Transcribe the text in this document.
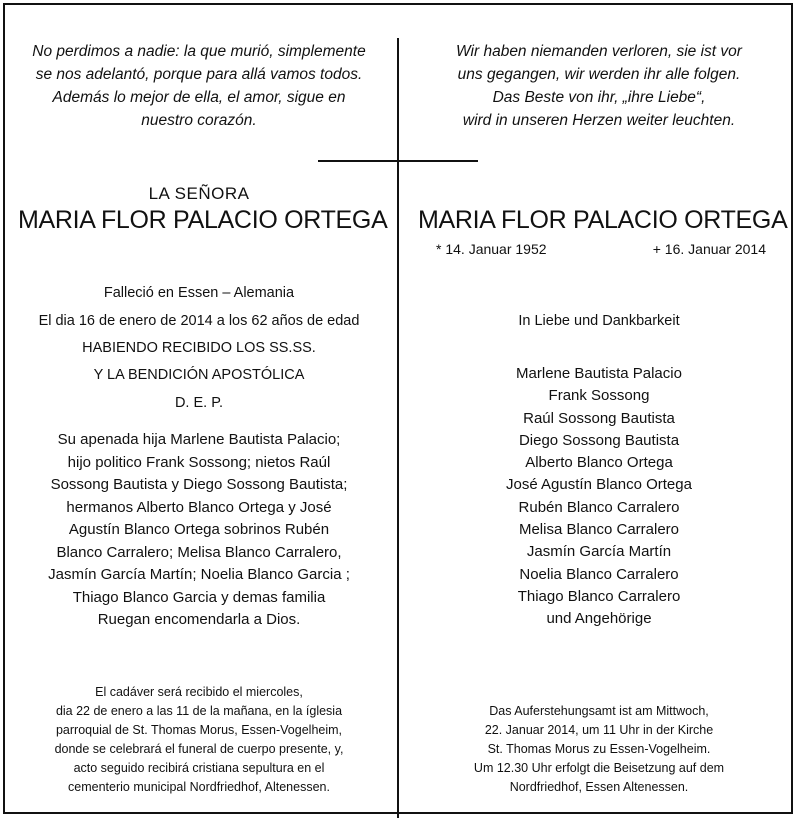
No perdimos a nadie: la que murió, simplemente
se nos adelantó, porque para allá vamos todos.
Además lo mejor de ella, el amor, sigue en
nuestro corazón.
LA SEÑORA
MARIA FLOR PALACIO ORTEGA
Falleció en Essen – Alemania
El dia 16 de enero de 2014 a los 62 años de edad
HABIENDO RECIBIDO LOS SS.SS.
Y LA BENDICIÓN APOSTÓLICA
D. E. P.
Su apenada hija Marlene Bautista Palacio;
hijo politico Frank Sossong; nietos Raúl
Sossong Bautista y Diego Sossong Bautista;
hermanos Alberto Blanco Ortega y José
Agustín Blanco Ortega sobrinos Rubén
Blanco Carralero; Melisa Blanco Carralero,
Jasmín García Martín; Noelia Blanco Garcia ;
Thiago Blanco Garcia y demas familia
Ruegan encomendarla a Dios.
El cadáver será recibido el miercoles,
dia 22 de enero a las 11 de la mañana, en la íglesia
parroquial de St. Thomas Morus, Essen-Vogelheim,
donde se celebrará el funeral de cuerpo presente, y,
acto seguido recibirá cristiana sepultura en el
cementerio municipal Nordfriedhof, Altenessen.
Wir haben niemanden verloren, sie ist vor
uns gegangen, wir werden ihr alle folgen.
Das Beste von ihr, „ihre Liebe“,
wird in unseren Herzen weiter leuchten.
MARIA FLOR PALACIO ORTEGA
* 14. Januar 1952	+ 16. Januar 2014
In Liebe und Dankbarkeit
Marlene Bautista Palacio
Frank Sossong
Raúl Sossong Bautista
Diego Sossong Bautista
Alberto Blanco Ortega
José Agustín Blanco Ortega
Rubén Blanco Carralero
Melisa Blanco Carralero
Jasmín García Martín
Noelia Blanco Carralero
Thiago Blanco Carralero
und Angehörige
Das Auferstehungsamt ist am Mittwoch,
22. Januar 2014, um 11 Uhr in der Kirche
St. Thomas Morus zu Essen-Vogelheim.
Um 12.30 Uhr erfolgt die Beisetzung auf dem
Nordfriedhof, Essen Altenessen.
